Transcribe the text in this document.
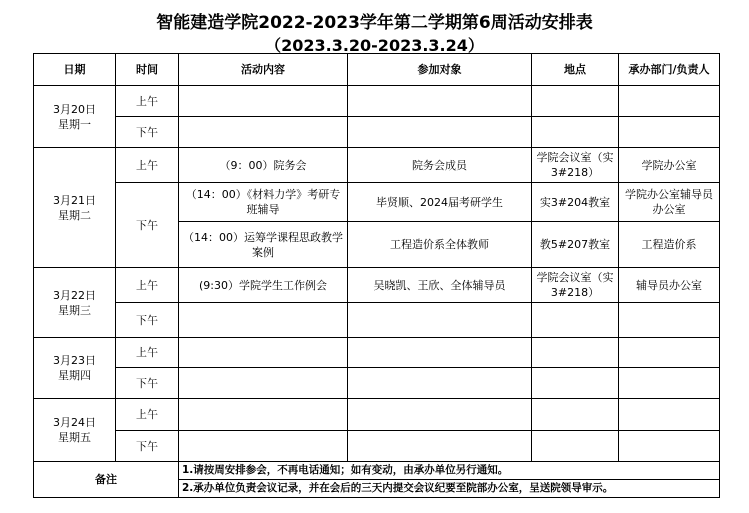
智能建造学院2022-2023学年第二学期第6周活动安排表
（2023.3.20-2023.3.24）
日期	时间	活动内容	参加对象	地点	承办部门/负责人
3月20日
星期一	上午				
	下午				
3月21日
星期二	上午	（9：00）院务会	院务会成员	学院会议室（实3#218）	学院办公室
	下午	（14：00）《材料力学》考研专班辅导	毕贤顺、2024届考研学生	实3#204教室	学院办公室辅导员办公室
		（14：00）运筹学课程思政教学案例	工程造价系全体教师	教5#207教室	工程造价系
3月22日
星期三	上午	(9:30）学院学生工作例会	吴晓凯、王欣、全体辅导员	学院会议室（实3#218）	辅导员办公室
	下午				
3月23日
星期四	上午				
	下午				
3月24日
星期五	上午				
	下午				
备注		1.请按周安排参会，不再电话通知；如有变动，由承办单位另行通知。			
		2.承办单位负责会议记录，并在会后的三天内提交会议纪要至院部办公室，呈送院领导审示。			
